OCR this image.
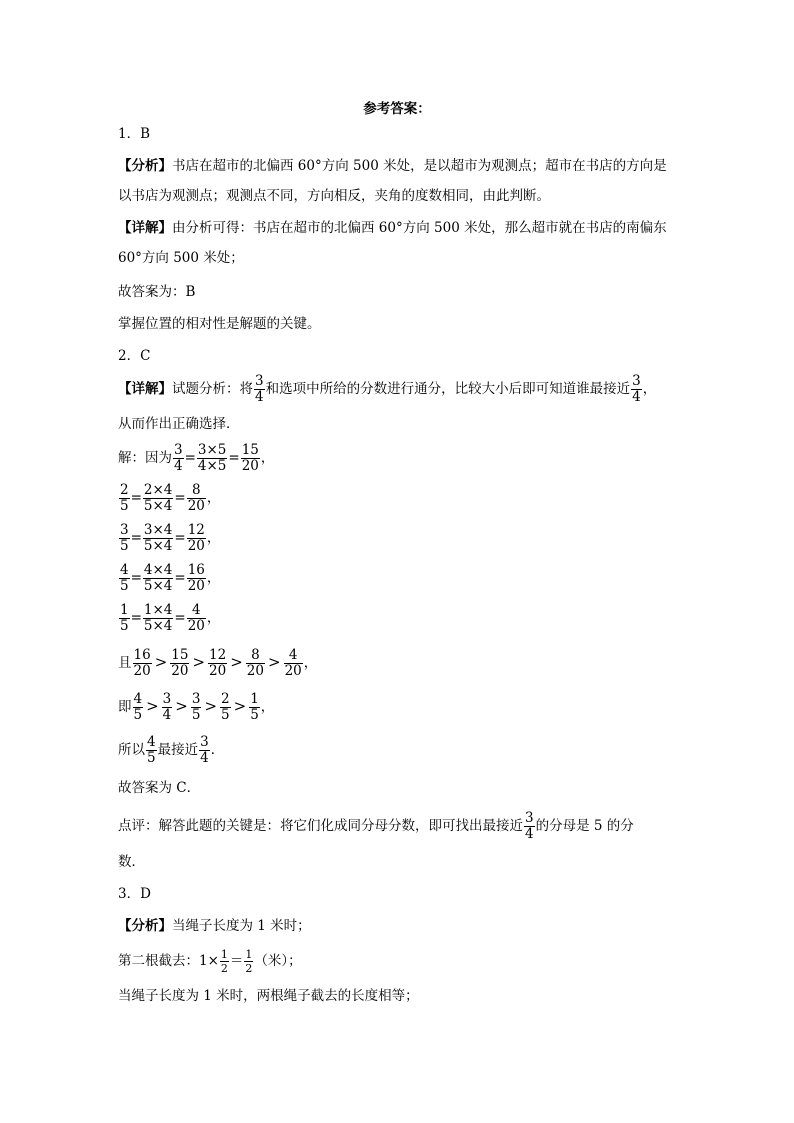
参考答案：
1．B
【分析】书店在超市的北偏西 60°方向 500 米处，是以超市为观测点；超市在书店的方向是
以书店为观测点；观测点不同，方向相反，夹角的度数相同，由此判断。
【详解】由分析可得：书店在超市的北偏西 60°方向 500 米处，那么超市就在书店的南偏东
60°方向 500 米处；
故答案为：B
掌握位置的相对性是解题的关键。
2．C
【详解】试题分析：将 $\frac{3}{4}$ 和选项中所给的分数进行通分，比较大小后即可知道谁最接近 $\frac{3}{4}$ ，
从而作出正确选择．
解：因为 $\frac{3}{4} = \frac{3\times 5}{4\times 5} = \frac{15}{20}$ ，
$\frac{2}{5} = \frac{2\times 4}{5\times 4} = \frac{8}{20}$ ，
$\frac{3}{5} = \frac{3\times 4}{5\times 4} = \frac{12}{20}$ ，
$\frac{4}{5} = \frac{4\times 4}{5\times 4} = \frac{16}{20}$ ，
$\frac{1}{5} = \frac{1\times 4}{5\times 4} = \frac{4}{20}$ ，
且 $\frac{16}{20} > \frac{15}{20} > \frac{12}{20} > \frac{8}{20} > \frac{4}{20}$ ，
即 $\frac{4}{5} > \frac{3}{4} > \frac{3}{5} > \frac{2}{5} > \frac{1}{5}$ ，
所以 $\frac{4}{5}$ 最接近 $\frac{3}{4}$ ．
故答案为 C．
点评：解答此题的关键是：将它们化成同分母分数，即可找出最接近 $\frac{3}{4}$ 的分母是 5 的分
数．
3．D
【分析】当绳子长度为 1 米时；
第二根截去：$1\times \frac{1}{2} = \frac{1}{2}$ （米）；
当绳子长度为 1 米时，两根绳子截去的长度相等；
